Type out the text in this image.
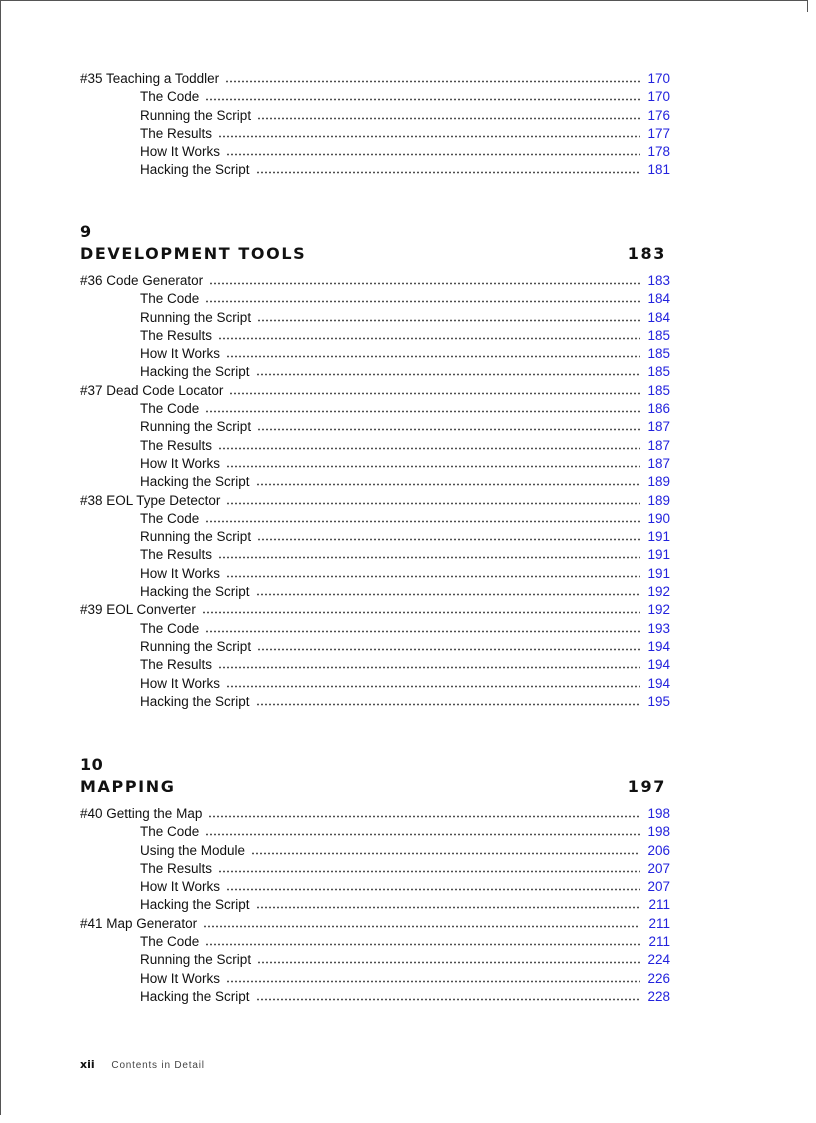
#35 Teaching a Toddler	170
The Code	170
Running the Script	176
The Results	177
How It Works	178
Hacking the Script	181
9
DEVELOPMENT TOOLS	183
#36 Code Generator	183
The Code	184
Running the Script	184
The Results	185
How It Works	185
Hacking the Script	185
#37 Dead Code Locator	185
The Code	186
Running the Script	187
The Results	187
How It Works	187
Hacking the Script	189
#38 EOL Type Detector	189
The Code	190
Running the Script	191
The Results	191
How It Works	191
Hacking the Script	192
#39 EOL Converter	192
The Code	193
Running the Script	194
The Results	194
How It Works	194
Hacking the Script	195
10
MAPPING	197
#40 Getting the Map	198
The Code	198
Using the Module	206
The Results	207
How It Works	207
Hacking the Script	211
#41 Map Generator	211
The Code	211
Running the Script	224
How It Works	226
Hacking the Script	228
xii Contents in Detail
